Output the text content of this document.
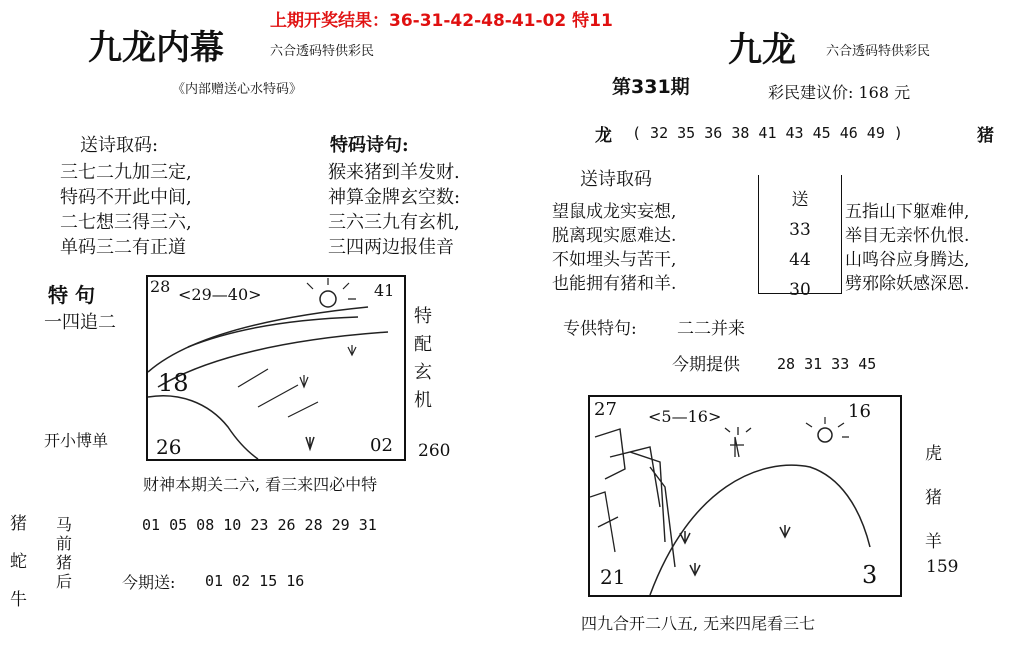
上期开奖结果：36-31-42-48-41-02 特11
九龙内幕	六合透码特供彩民
《内部赠送心水特码》
送诗取码:
三七二九加三定,
特码不开此中间,
二七想三得三六,
单码三二有正道
特码诗句:
猴来猪到羊发财.
神算金牌玄空数:
三六三九有玄机,
三四两边报佳音
特 句
一四追二
开小博单
28 <29—40>	41
18
26	02
特
配
玄
机
260
财神本期关二六, 看三来四必中特
猪
蛇
牛
马
前
猪
后
01 05 08 10 23 26 28 29 31
今期送: 01 02 15 16
九龙 六合透码特供彩民
第331期	彩民建议价: 168 元
龙 ( 32 35 36 38 41 43 45 46 49 )	猪
送诗取码
望鼠成龙实妄想,
脱离现实愿难达.
不如埋头与苦干,
也能拥有猪和羊.
送
33
44
30
五指山下躯难伸,
举目无亲怀仇恨.
山鸣谷应身腾达,
劈邪除妖感深恩.
专供特句: 二二并来
今期提供 28 31 33 45
27 <5—16>	16
21	3
虎
猪
羊
159
四九合开二八五, 无来四尾看三七
